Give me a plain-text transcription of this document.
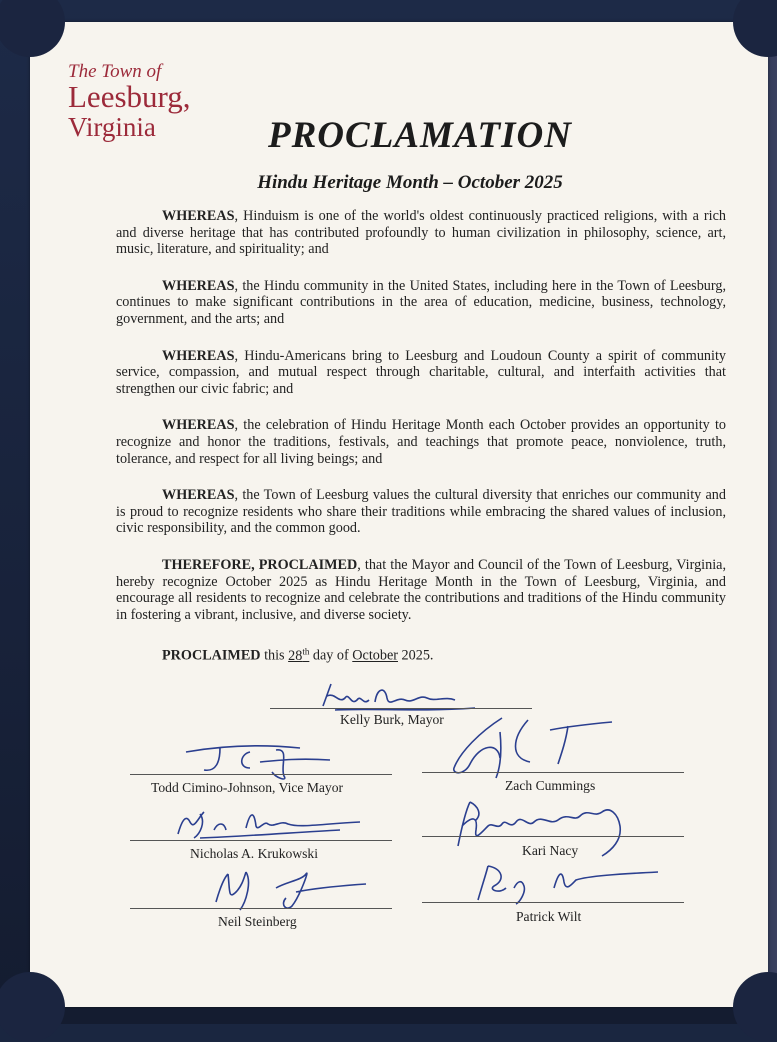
The Town of
Leesburg,
Virginia	PROCLAMATION
Hindu Heritage Month – October 2025

WHEREAS, Hinduism is one of the world's oldest continuously practiced religions, with a rich and diverse heritage that has contributed profoundly to human civilization in philosophy, science, art, music, literature, and spirituality; and

WHEREAS, the Hindu community in the United States, including here in the Town of Leesburg, continues to make significant contributions in the area of education, medicine, business, technology, government, and the arts; and

WHEREAS, Hindu-Americans bring to Leesburg and Loudoun County a spirit of community service, compassion, and mutual respect through charitable, cultural, and interfaith activities that strengthen our civic fabric; and

WHEREAS, the celebration of Hindu Heritage Month each October provides an opportunity to recognize and honor the traditions, festivals, and teachings that promote peace, nonviolence, truth, tolerance, and respect for all living beings; and

WHEREAS, the Town of Leesburg values the cultural diversity that enriches our community and is proud to recognize residents who share their traditions while embracing the shared values of inclusion, civic responsibility, and the common good.

THEREFORE, PROCLAIMED, that the Mayor and Council of the Town of Leesburg, Virginia, hereby recognize October 2025 as Hindu Heritage Month in the Town of Leesburg, Virginia, and encourage all residents to recognize and celebrate the contributions and traditions of the Hindu community in fostering a vibrant, inclusive, and diverse society.

PROCLAIMED this 28th day of October 2025.

Kelly Burk, Mayor
Todd Cimino-Johnson, Vice Mayor	Zach Cummings
Nicholas A. Krukowski	Kari Nacy
Neil Steinberg	Patrick Wilt
